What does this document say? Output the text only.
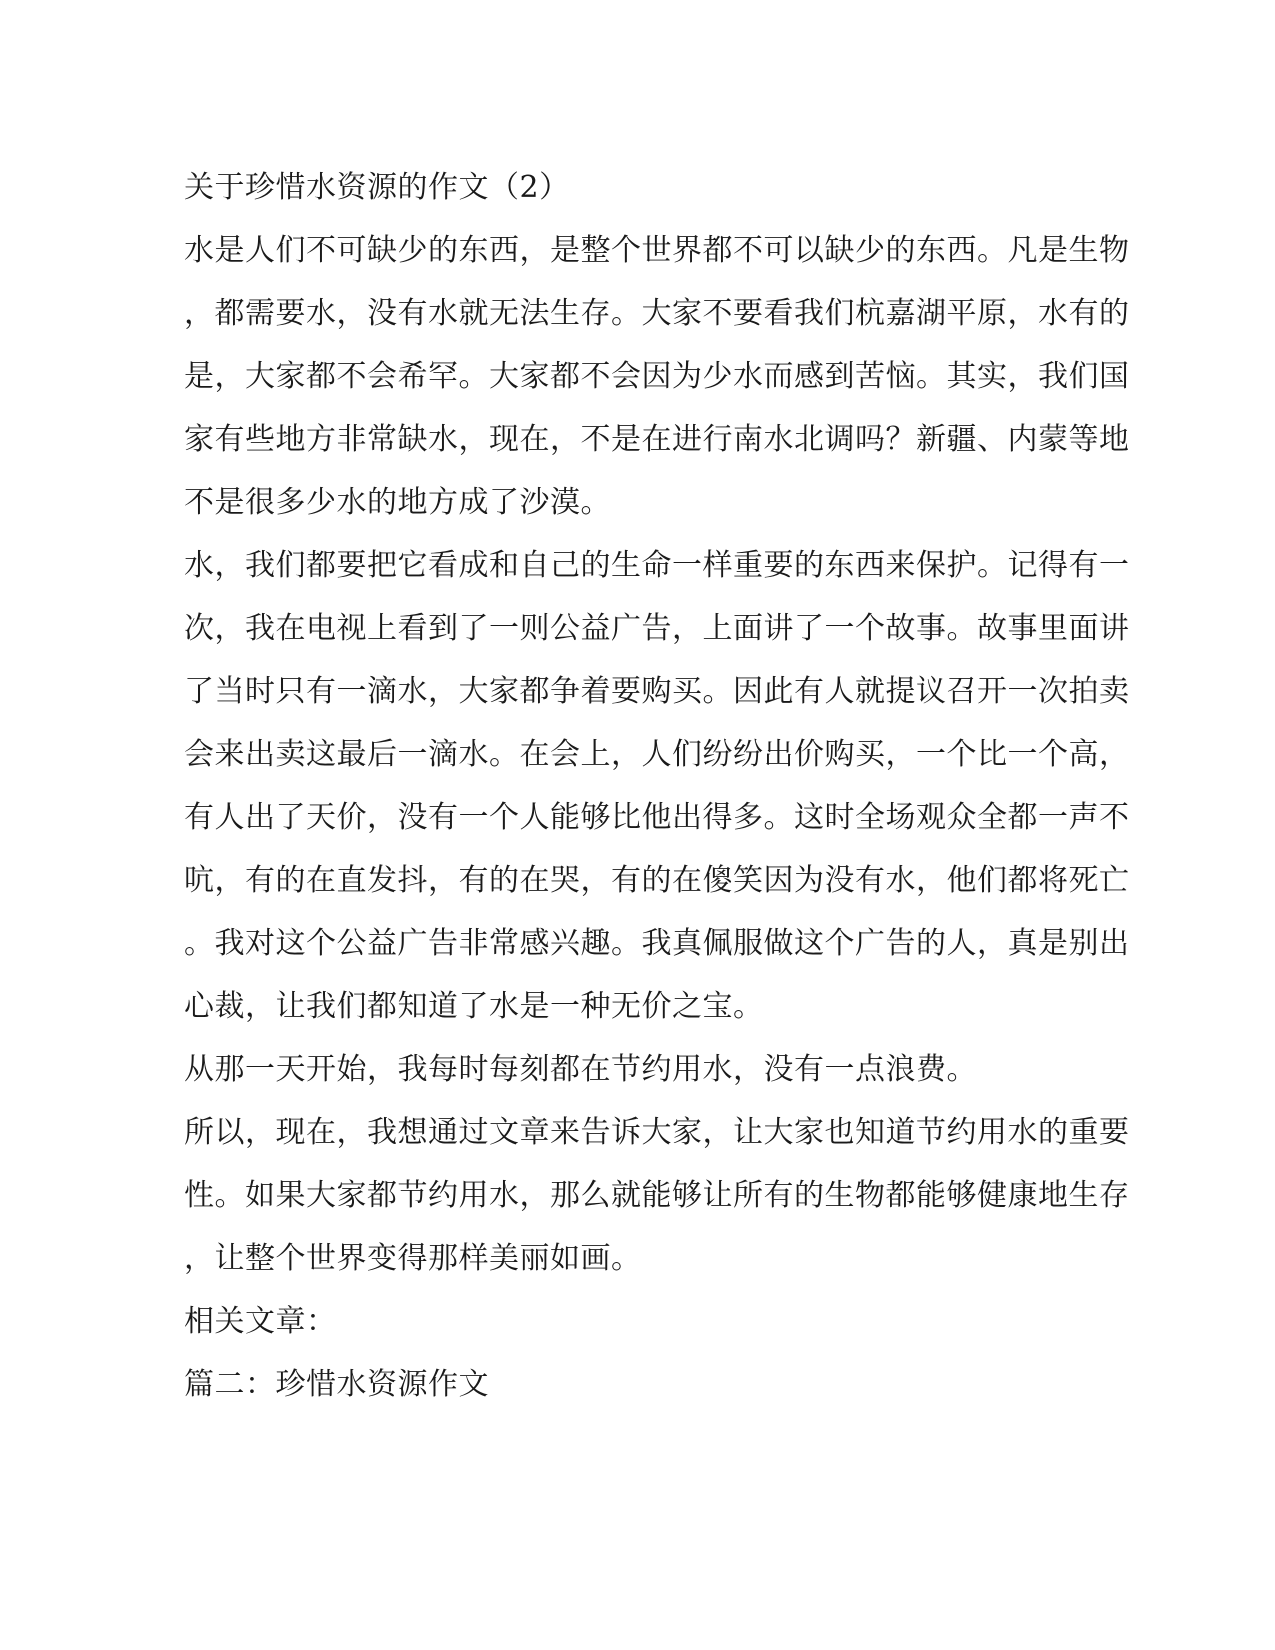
关于珍惜水资源的作文（2）
水是人们不可缺少的东西，是整个世界都不可以缺少的东西。凡是生物
，都需要水，没有水就无法生存。大家不要看我们杭嘉湖平原，水有的
是，大家都不会希罕。大家都不会因为少水而感到苦恼。其实，我们国
家有些地方非常缺水，现在，不是在进行南水北调吗？新疆、内蒙等地
不是很多少水的地方成了沙漠。
水，我们都要把它看成和自己的生命一样重要的东西来保护。记得有一
次，我在电视上看到了一则公益广告，上面讲了一个故事。故事里面讲
了当时只有一滴水，大家都争着要购买。因此有人就提议召开一次拍卖
会来出卖这最后一滴水。在会上，人们纷纷出价购买，一个比一个高，
有人出了天价，没有一个人能够比他出得多。这时全场观众全都一声不
吭，有的在直发抖，有的在哭，有的在傻笑因为没有水，他们都将死亡
。我对这个公益广告非常感兴趣。我真佩服做这个广告的人，真是别出
心裁，让我们都知道了水是一种无价之宝。
从那一天开始，我每时每刻都在节约用水，没有一点浪费。
所以，现在，我想通过文章来告诉大家，让大家也知道节约用水的重要
性。如果大家都节约用水，那么就能够让所有的生物都能够健康地生存
，让整个世界变得那样美丽如画。
相关文章：
篇二：珍惜水资源作文
